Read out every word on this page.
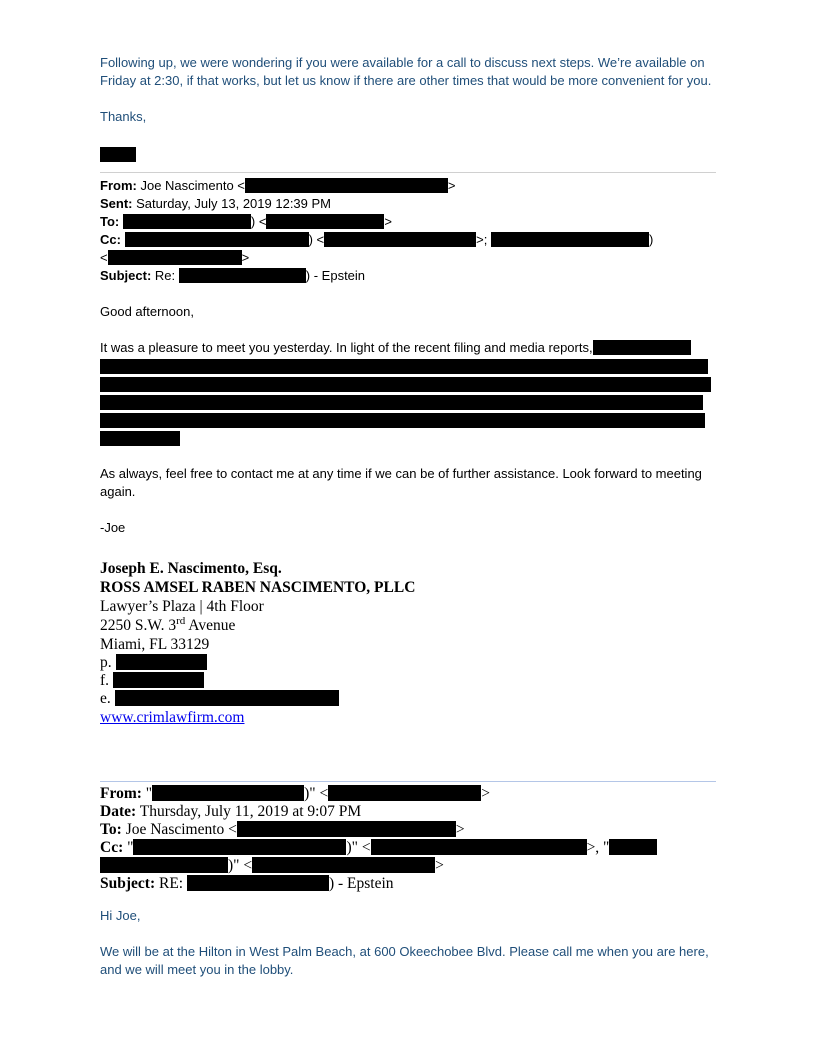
Following up, we were wondering if you were available for a call to discuss next steps. We’re available on Friday at 2:30, if that works, but let us know if there are other times that would be more convenient for you.

Thanks,

From: Joe Nascimento <	>
Sent: Saturday, July 13, 2019 12:39 PM
To:	) <	>
Cc:	) <	>;	)
<	>
Subject: Re:	) - Epstein

Good afternoon,

It was a pleasure to meet you yesterday. In light of the recent filing and media reports,

As always, feel free to contact me at any time if we can be of further assistance. Look forward to meeting again.

-Joe

Joseph E. Nascimento, Esq.
ROSS AMSEL RABEN NASCIMENTO, PLLC
Lawyer’s Plaza | 4th Floor
2250 S.W. 3rd Avenue
Miami, FL 33129
p.
f.
e.
www.crimlawfirm.com
From: "	)" <	>
Date: Thursday, July 11, 2019 at 9:07 PM
To: Joe Nascimento <	>
Cc: "	)" <	>, "
)" <	>
Subject: RE:	) - Epstein

Hi Joe,

We will be at the Hilton in West Palm Beach, at 600 Okeechobee Blvd. Please call me when you are here, and we will meet you in the lobby.
